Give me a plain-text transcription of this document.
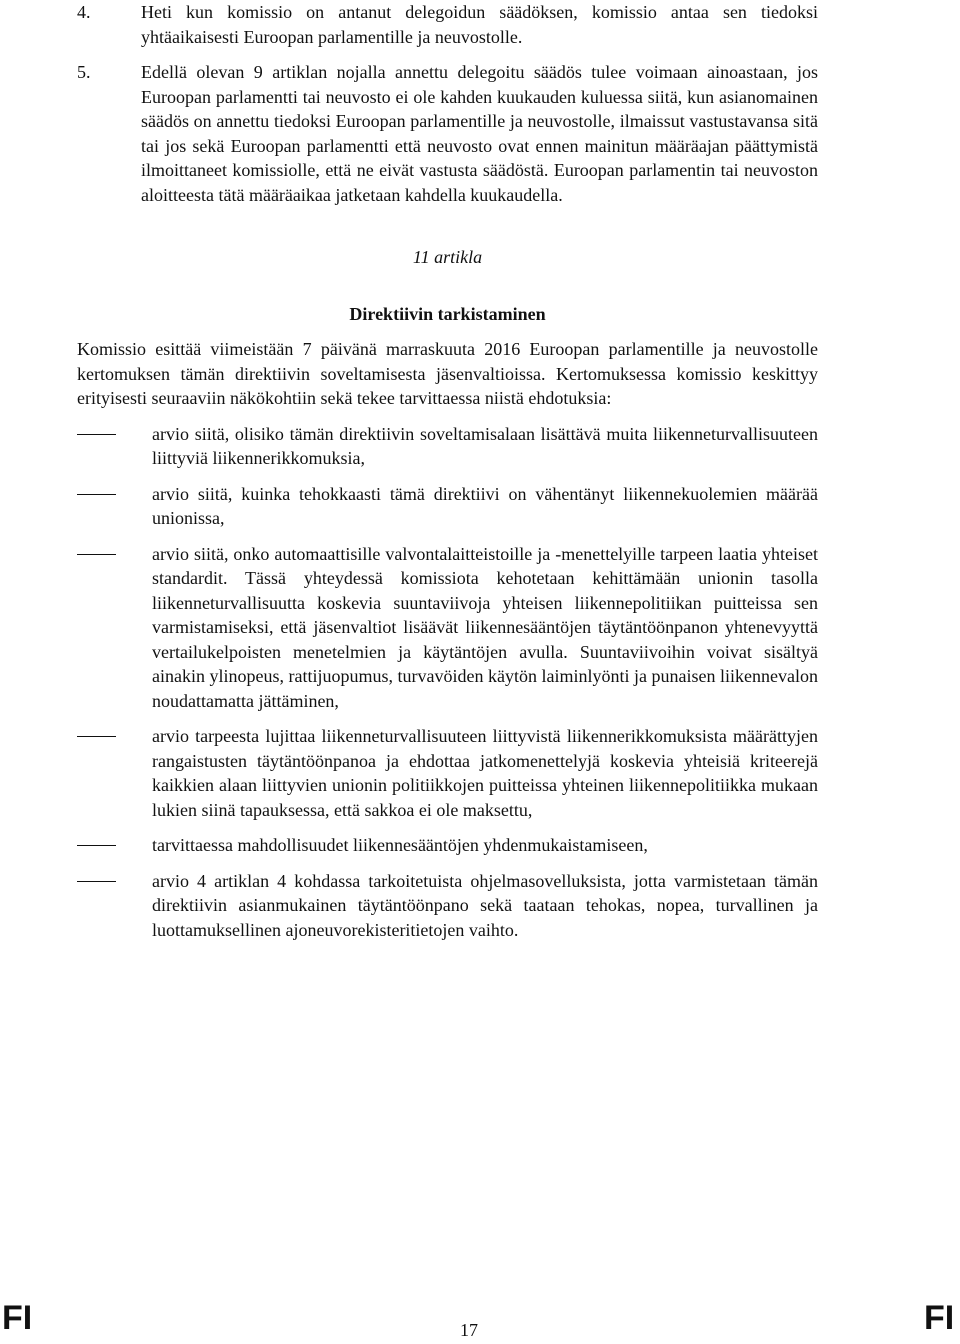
4.	Heti kun komissio on antanut delegoidun säädöksen, komissio antaa sen tiedoksi yhtäaikaisesti Euroopan parlamentille ja neuvostolle.

5.	Edellä olevan 9 artiklan nojalla annettu delegoitu säädös tulee voimaan ainoastaan, jos Euroopan parlamentti tai neuvosto ei ole kahden kuukauden kuluessa siitä, kun asianomainen säädös on annettu tiedoksi Euroopan parlamentille ja neuvostolle, ilmaissut vastustavansa sitä tai jos sekä Euroopan parlamentti että neuvosto ovat ennen mainitun määräajan päättymistä ilmoittaneet komissiolle, että ne eivät vastusta säädöstä. Euroopan parlamentin tai neuvoston aloitteesta tätä määräaikaa jatketaan kahdella kuukaudella.

11 artikla

Direktiivin tarkistaminen

Komissio esittää viimeistään 7 päivänä marraskuuta 2016 Euroopan parlamentille ja neuvostolle kertomuksen tämän direktiivin soveltamisesta jäsenvaltioissa. Kertomuksessa komissio keskittyy erityisesti seuraaviin näkökohtiin sekä tekee tarvittaessa niistä ehdotuksia:

arvio siitä, olisiko tämän direktiivin soveltamisalaan lisättävä muita liikenneturvallisuuteen liittyviä liikennerikkomuksia,
arvio siitä, kuinka tehokkaasti tämä direktiivi on vähentänyt liikennekuolemien määrää unionissa,
arvio siitä, onko automaattisille valvontalaitteistoille ja -menettelyille tarpeen laatia yhteiset standardit. Tässä yhteydessä komissiota kehotetaan kehittämään unionin tasolla liikenneturvallisuutta koskevia suuntaviivoja yhteisen liikennepolitiikan puitteissa sen varmistamiseksi, että jäsenvaltiot lisäävät liikennesääntöjen täytäntöönpanon yhtenevyyttä vertailukelpoisten menetelmien ja käytäntöjen avulla. Suuntaviivoihin voivat sisältyä ainakin ylinopeus, rattijuopumus, turvavöiden käytön laiminlyönti ja punaisen liikennevalon noudattamatta jättäminen,
arvio tarpeesta lujittaa liikenneturvallisuuteen liittyvistä liikennerikkomuksista määrättyjen rangaistusten täytäntöönpanoa ja ehdottaa jatkomenettelyjä koskevia yhteisiä kriteerejä kaikkien alaan liittyvien unionin politiikkojen puitteissa yhteinen liikennepolitiikka mukaan lukien siinä tapauksessa, että sakkoa ei ole maksettu,
tarvittaessa mahdollisuudet liikennesääntöjen yhdenmukaistamiseen,
arvio 4 artiklan 4 kohdassa tarkoitetuista ohjelmasovelluksista, jotta varmistetaan tämän direktiivin asianmukainen täytäntöönpano sekä taataan tehokas, nopea, turvallinen ja luottamuksellinen ajoneuvorekisteritietojen vaihto.
FI	17	FI
